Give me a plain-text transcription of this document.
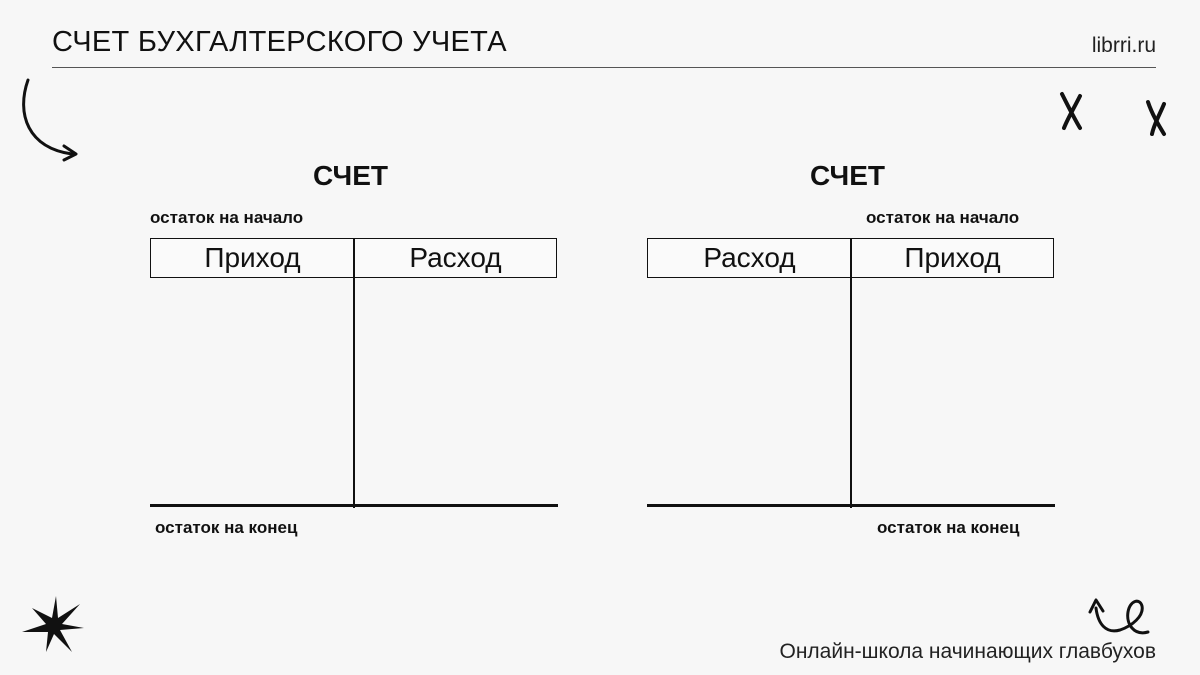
СЧЕТ БУХГАЛТЕРСКОГО УЧЕТА	librri.ru
СЧЕТ
остаток на начало
Приход	Расход
остаток на конец
СЧЕТ
остаток на начало
Расход	Приход
остаток на конец
Онлайн-школа начинающих главбухов
